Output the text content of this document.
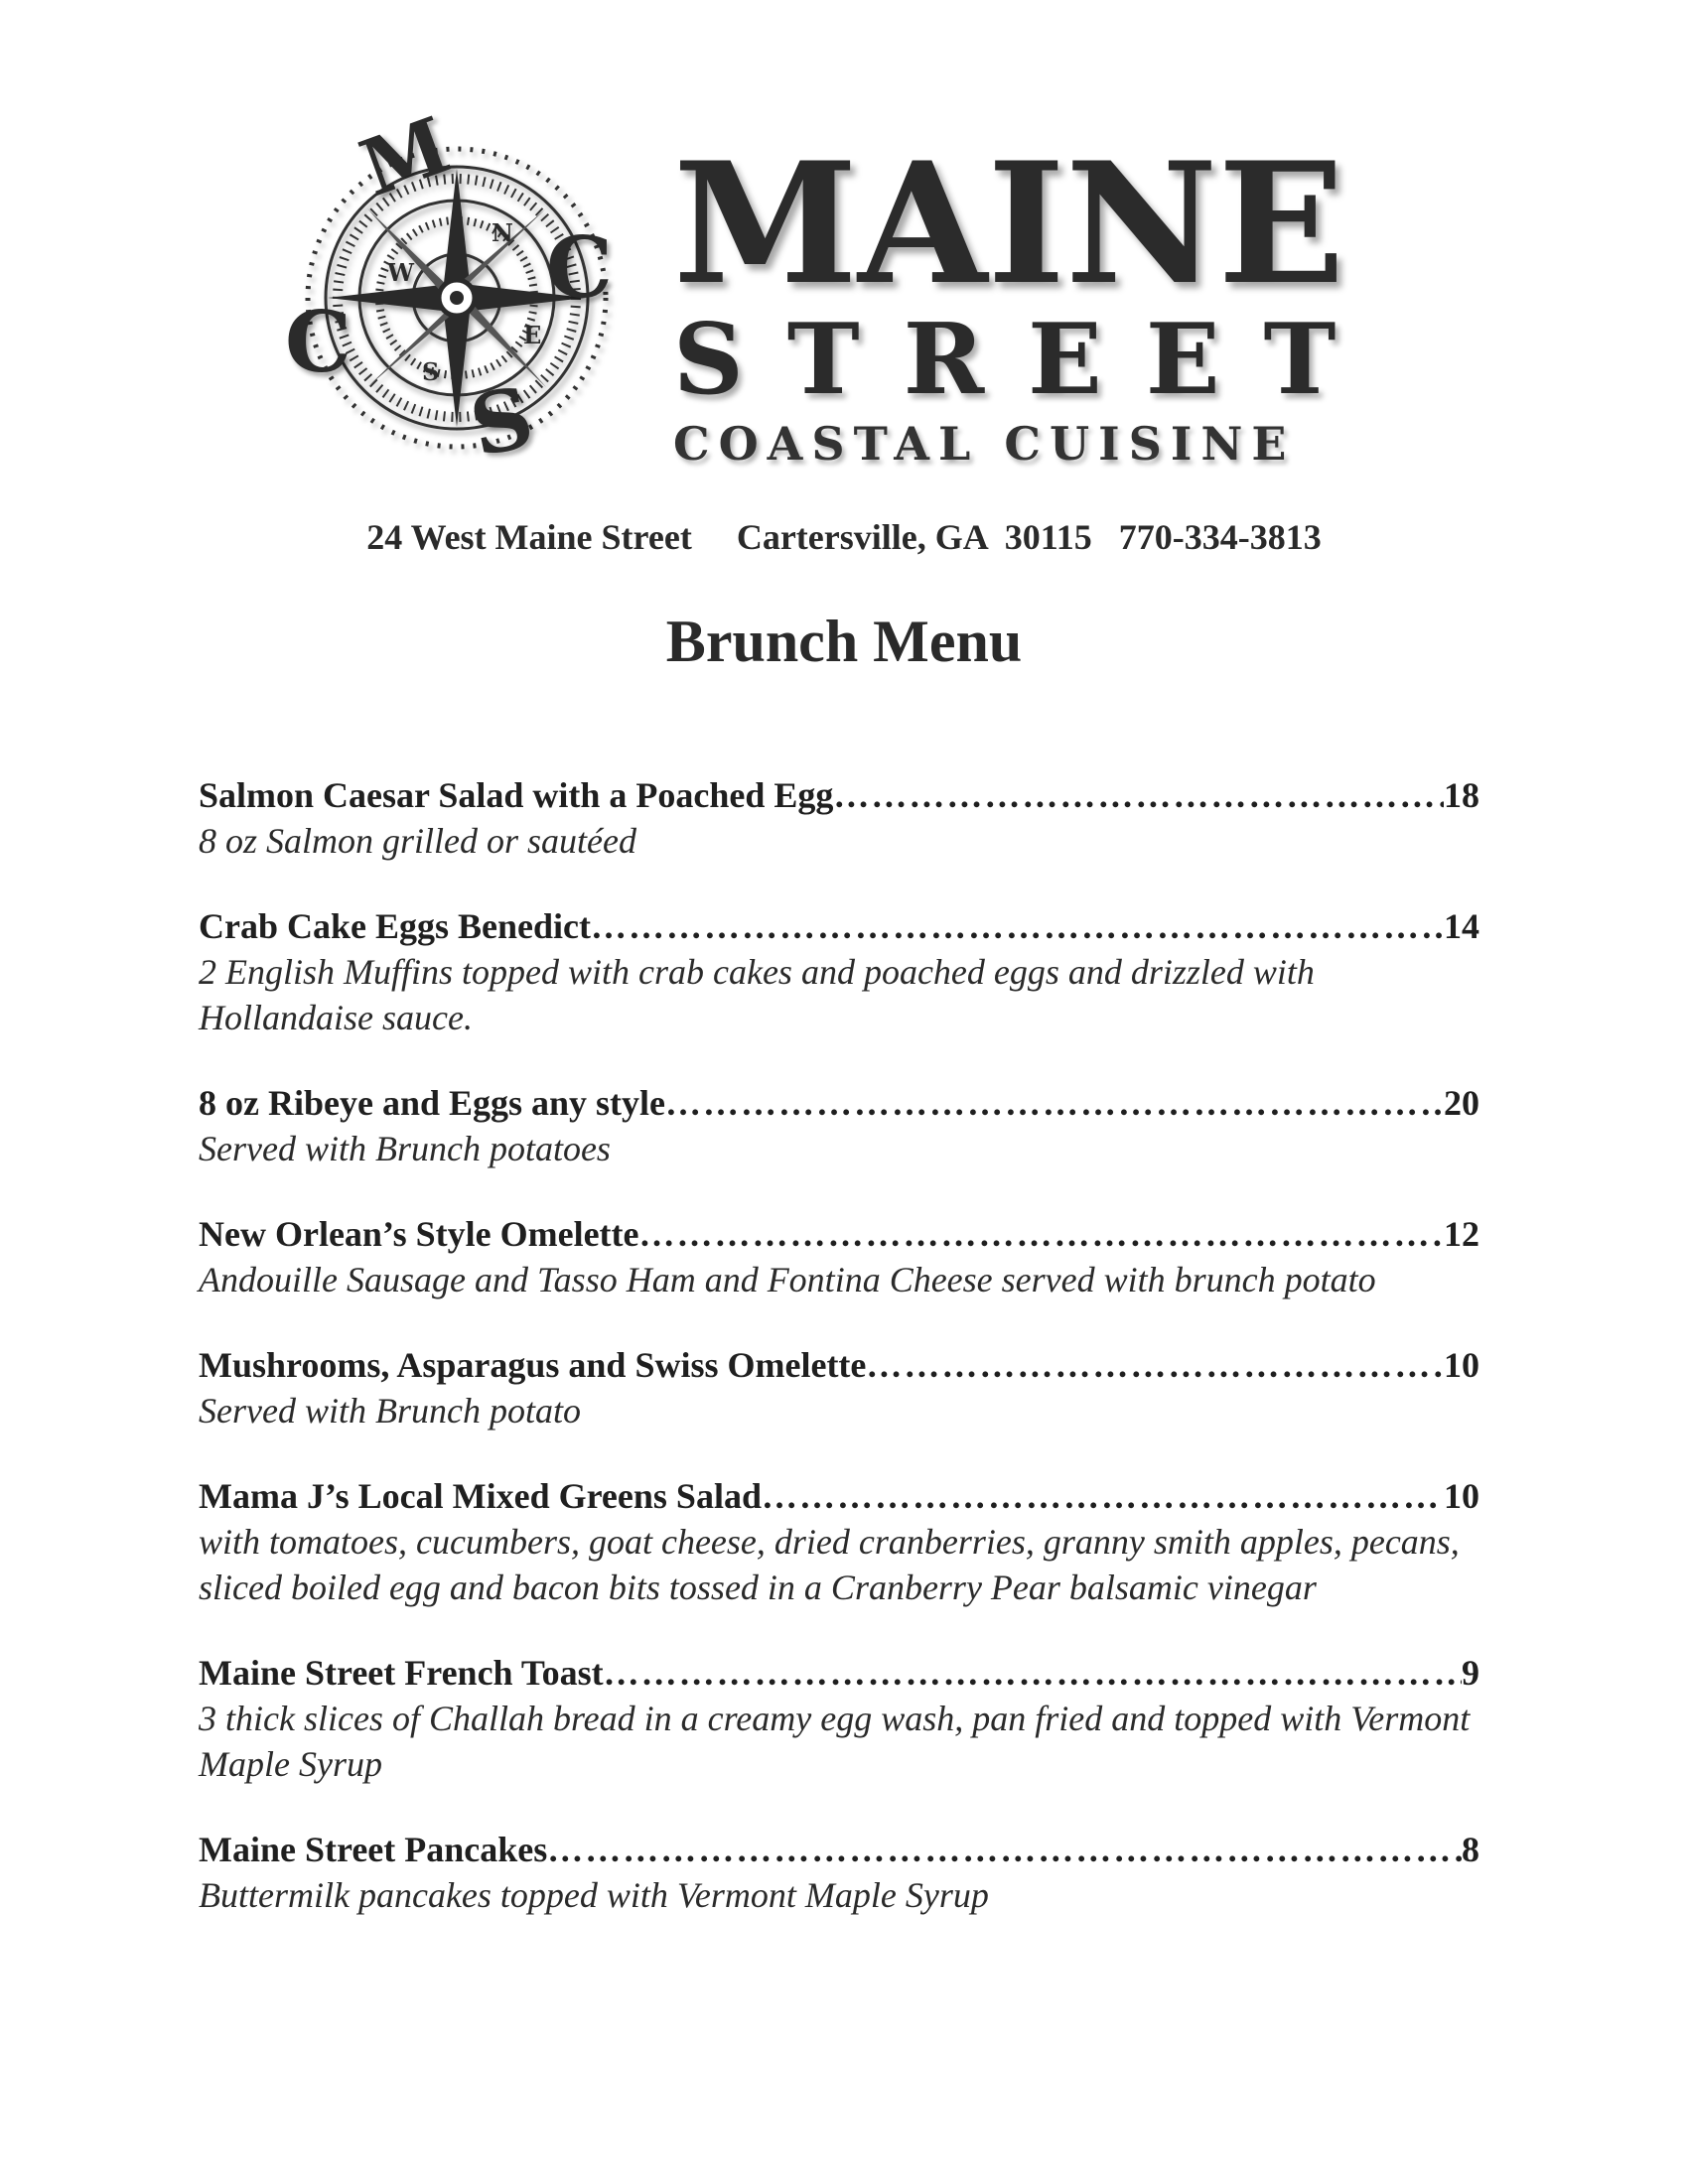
M
C
C
S
N
E
S
W MAINE
STREET
COASTAL CUISINE
24 West Maine Street Cartersville, GA  30115 770-334-3813
Brunch Menu
Salmon Caesar Salad with a Poached Egg …………………………………………………………………………………………………………………………………………	18
8 oz Salmon grilled or sautéed
Crab Cake Eggs Benedict …………………………………………………………………………………………………………………………………………	14
2 English Muffins topped with crab cakes and poached eggs and drizzled with Hollandaise sauce.
8 oz Ribeye and Eggs any style …………………………………………………………………………………………………………………………………………	20
Served with Brunch potatoes
New Orlean’s Style Omelette …………………………………………………………………………………………………………………………………………	12
Andouille Sausage and Tasso Ham and Fontina Cheese served with brunch potato
Mushrooms, Asparagus and Swiss Omelette …………………………………………………………………………………………………………………………………………	10
Served with Brunch potato
Mama J’s Local Mixed Greens Salad …………………………………………………………………………………………………………………………………………	10
with tomatoes, cucumbers, goat cheese, dried cranberries, granny smith apples, pecans, sliced boiled egg and bacon bits tossed in a Cranberry Pear balsamic vinegar
Maine Street French Toast …………………………………………………………………………………………………………………………………………	9
3 thick slices of Challah bread in a creamy egg wash, pan fried and topped with Vermont Maple Syrup
Maine Street Pancakes …………………………………………………………………………………………………………………………………………	8
Buttermilk pancakes topped with Vermont Maple Syrup
